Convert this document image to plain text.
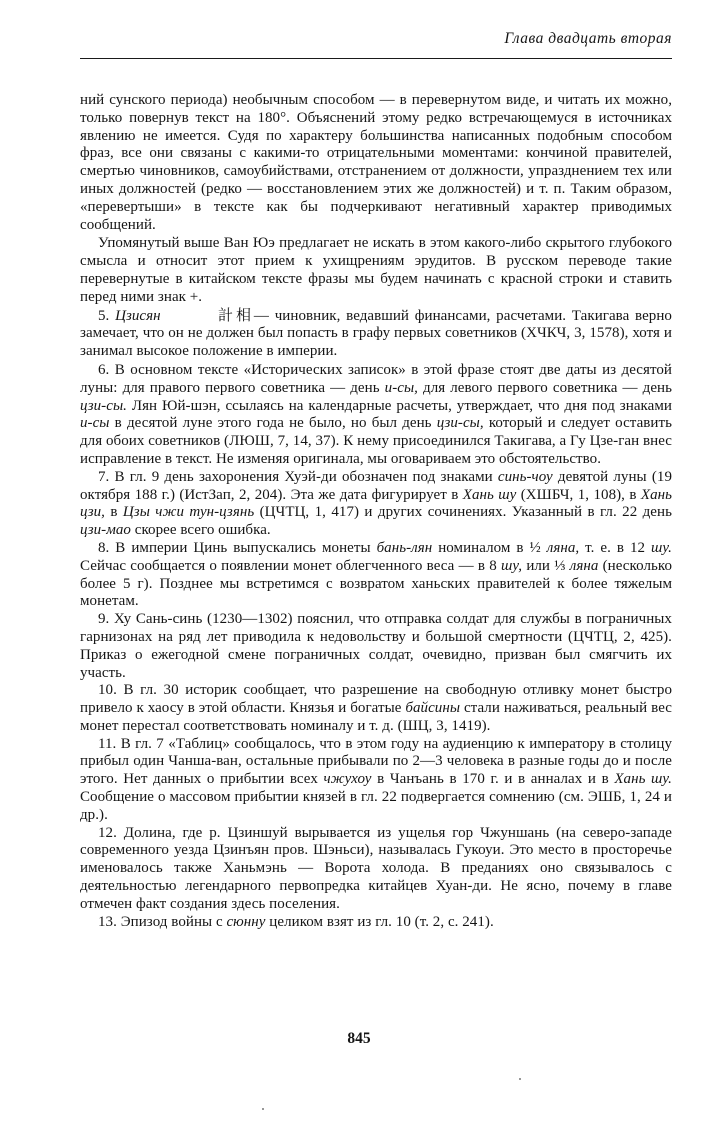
Глава двадцать вторая

ний сунского периода) необычным способом — в перевернутом виде, и читать их можно, только повернув текст на 180°. Объяснений этому редко встречающемуся в источниках явлению не имеется. Судя по характеру большинства написанных подобным способом фраз, все они связаны с какими-то отрицательными моментами: кончиной правителей, смертью чиновников, самоубийствами, отстранением от должности, упразднением тех или иных должностей (редко — восстановлением этих же должностей) и т. п. Таким образом, «перевертыши» в тексте как бы подчеркивают негативный характер приводимых сообщений.

Упомянутый выше Ван Юэ предлагает не искать в этом какого-либо скрытого глубокого смысла и относит этот прием к ухищрениям эрудитов. В русском переводе такие перевернутые в китайском тексте фразы мы будем начинать с красной строки и ставить перед ними знак +.

5. Цзисян	計相— чиновник, ведавший финансами, расчетами. Такигава верно замечает, что он не должен был попасть в графу первых советников (ХЧКЧ, 3, 1578), хотя и занимал высокое положение в империи.

6. В основном тексте «Исторических записок» в этой фразе стоят две даты из десятой луны: для правого первого советника — день и-сы, для левого первого советника — день цзи-сы. Лян Юй-шэн, ссылаясь на календарные расчеты, утверждает, что дня под знаками и-сы в десятой луне этого года не было, но был день цзи-сы, который и следует оставить для обоих советников (ЛЮШ, 7, 14, 37). К нему присоединился Такигава, а Гу Цзе-ган внес исправление в текст. Не изменяя оригинала, мы оговариваем это обстоятельство.

7. В гл. 9 день захоронения Хуэй-ди обозначен под знаками синь-чоу девятой луны (19 октября 188 г.) (ИстЗап, 2, 204). Эта же дата фигурирует в Хань шу (ХШБЧ, 1, 108), в Хань цзи, в Цзы чжи тун-цзянь (ЦЧТЦ, 1, 417) и других сочинениях. Указанный в гл. 22 день цзи-мао скорее всего ошибка.

8. В империи Цинь выпускались монеты бань-лян номиналом в ½ ляна, т. е. в 12 шу. Сейчас сообщается о появлении монет облегченного веса — в 8 шу, или ⅓ ляна (несколько более 5 г). Позднее мы встретимся с возвратом ханьских правителей к более тяжелым монетам.

9. Ху Сань-синь (1230—1302) пояснил, что отправка солдат для службы в пограничных гарнизонах на ряд лет приводила к недовольству и большой смертности (ЦЧТЦ, 2, 425). Приказ о ежегодной смене пограничных солдат, очевидно, призван был смягчить их участь.

10. В гл. 30 историк сообщает, что разрешение на свободную отливку монет быстро привело к хаосу в этой области. Князья и богатые байсины стали наживаться, реальный вес монет перестал соответствовать номиналу и т. д. (ШЦ, 3, 1419).

11. В гл. 7 «Таблиц» сообщалось, что в этом году на аудиенцию к императору в столицу прибыл один Чанша-ван, остальные прибывали по 2—3 человека в разные годы до и после этого. Нет данных о прибытии всех чжухоу в Чанъань в 170 г. и в анналах и в Хань шу. Сообщение о массовом прибытии князей в гл. 22 подвергается сомнению (см. ЭШБ, 1, 24 и др.).

12. Долина, где р. Цзиншуй вырывается из ущелья гор Чжуншань (на северо-западе современного уезда Цзинъян пров. Шэньси), называлась Гукоуи. Это место в просторечье именовалось также Ханьмэнь — Ворота холода. В преданиях оно связывалось с деятельностью легендарного первопредка китайцев Хуан-ди. Не ясно, почему в главе отмечен факт создания здесь поселения.

13. Эпизод войны с сюнну целиком взят из гл. 10 (т. 2, с. 241).

845
